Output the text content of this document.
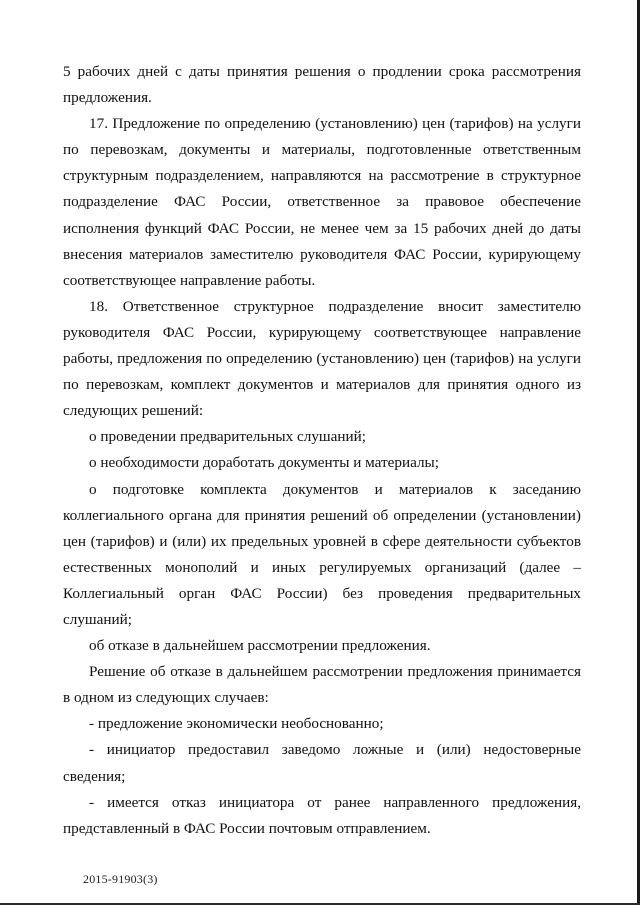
5 рабочих дней с даты принятия решения о продлении срока рассмотрения предложения.

17. Предложение по определению (установлению) цен (тарифов) на услуги по перевозкам, документы и материалы, подготовленные ответственным структурным подразделением, направляются на рассмотрение в структурное подразделение ФАС России, ответственное за правовое обеспечение исполнения функций ФАС России, не менее чем за 15 рабочих дней до даты внесения материалов заместителю руководителя ФАС России, курирующему соответствующее направление работы.

18. Ответственное структурное подразделение вносит заместителю руководителя ФАС России, курирующему соответствующее направление работы, предложения по определению (установлению) цен (тарифов) на услуги по перевозкам, комплект документов и материалов для принятия одного из следующих решений:

о проведении предварительных слушаний;

о необходимости доработать документы и материалы;

о подготовке комплекта документов и материалов к заседанию коллегиального органа для принятия решений об определении (установлении) цен (тарифов) и (или) их предельных уровней в сфере деятельности субъектов естественных монополий и иных регулируемых организаций (далее – Коллегиальный орган ФАС России) без проведения предварительных слушаний;

об отказе в дальнейшем рассмотрении предложения.

Решение об отказе в дальнейшем рассмотрении предложения принимается в одном из следующих случаев:

- предложение экономически необоснованно;

- инициатор предоставил заведомо ложные и (или) недостоверные сведения;

- имеется отказ инициатора от ранее направленного предложения, представленный в ФАС России почтовым отправлением.

2015-91903(3)
